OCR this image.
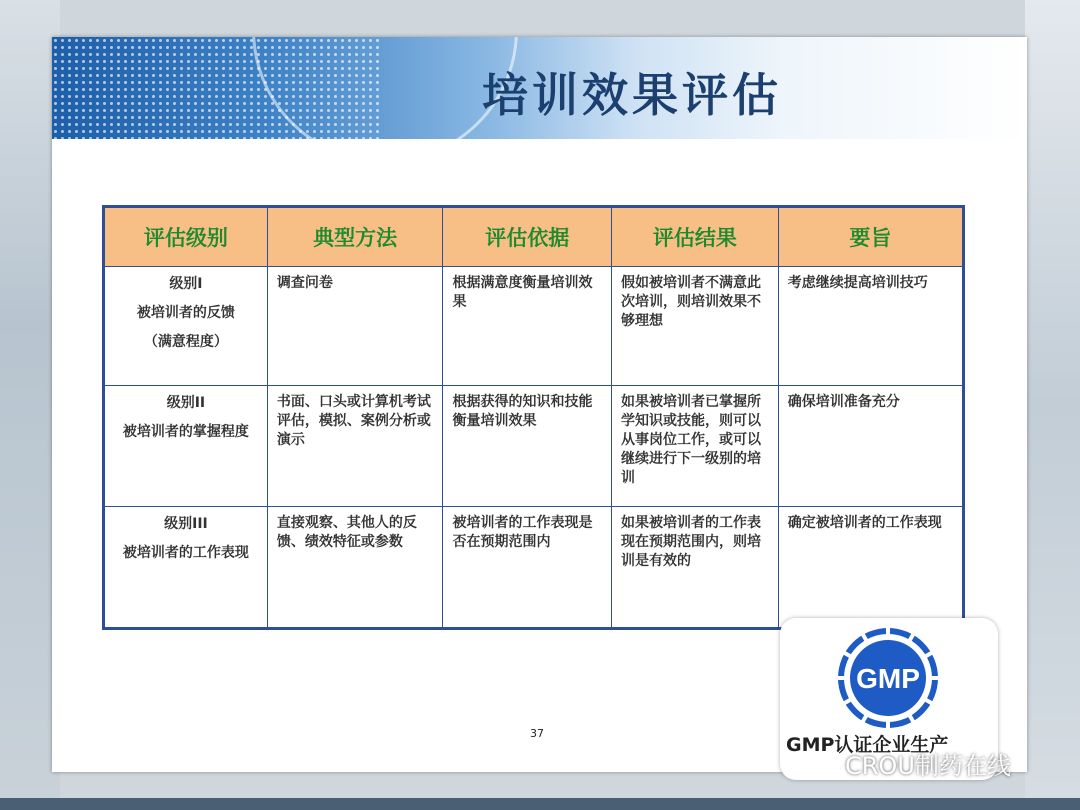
培训效果评估
评估级别	典型方法	评估依据	评估结果	要旨

级别I
被培训者的反馈
（满意程度）	调查问卷	根据满意度衡量培训效果	假如被培训者不满意此次培训，则培训效果不够理想	考虑继续提高培训技巧

级别II
被培训者的掌握程度	书面、口头或计算机考试评估，模拟、案例分析或演示	根据获得的知识和技能衡量培训效果	如果被培训者已掌握所学知识或技能，则可以从事岗位工作，或可以继续进行下一级别的培训	确保培训准备充分

级别III
被培训者的工作表现	直接观察、其他人的反馈、绩效特征或参数	被培训者的工作表现是否在预期范围内	如果被培训者的工作表现在预期范围内，则培训是有效的	确定被培训者的工作表现
37
GMP
GMP认证企业生产
CROU制药在线
